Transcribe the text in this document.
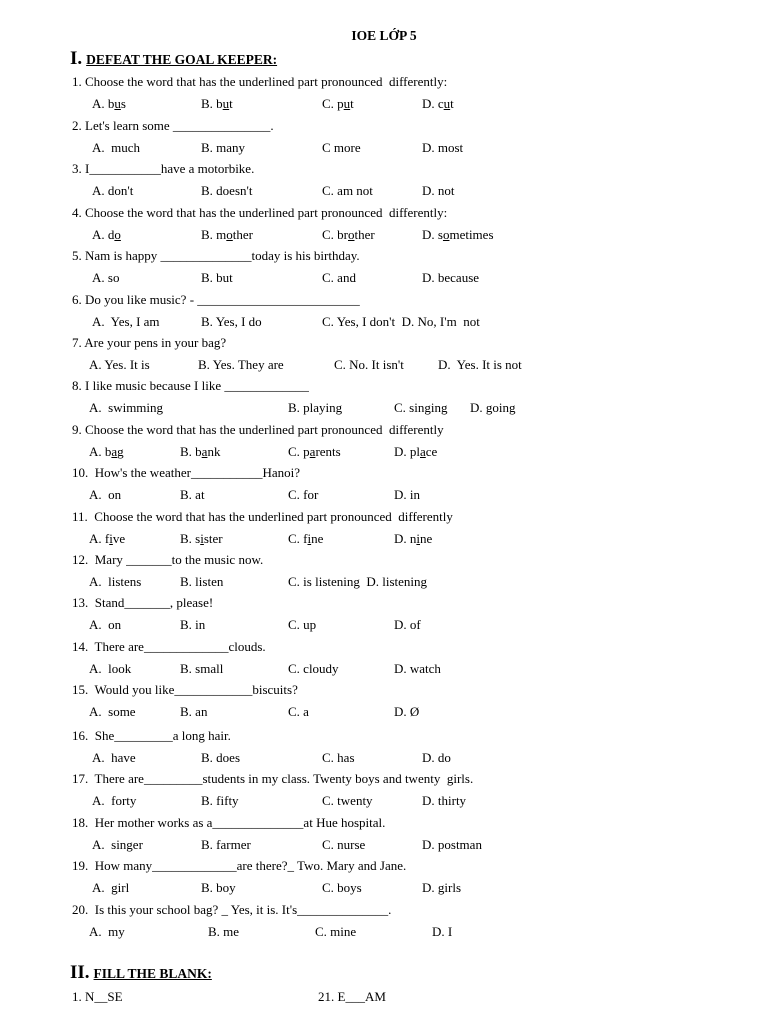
IOE LỚP 5
I. DEFEAT THE GOAL KEEPER:
1. Choose the word that has the underlined part pronounced  differently:
A. bus	B. but	C. put	D. cut
2. Let's learn some _______________.
A.  much	B. many	C more	D. most
3. I___________have a motorbike.
A. don't	B. doesn't	C. am not	D. not
4. Choose the word that has the underlined part pronounced  differently:
A. do	B. mother	C. brother	D. sometimes
5. Nam is happy ______________today is his birthday.
A. so	B. but	C. and	D. because
6. Do you like music? - _________________________
A.  Yes, I am	B. Yes, I do	C. Yes, I don't  D. No, I'm  not
7. Are your pens in your bag?
A. Yes. It is	B. Yes. They are	C. No. It isn't	D.  Yes. It is not
8. I like music because I like _____________
A.  swimming	B. playing	C. singing D. going
9. Choose the word that has the underlined part pronounced  differently
A. bag	B. bank	C. parents	D. place
10.  How's the weather___________Hanoi?
A.  on	B. at	C. for	D. in
11.  Choose the word that has the underlined part pronounced  differently
A. five	B. sister	C. fine	D. nine
12.  Mary _______to the music now.
A.  listens	B. listen	C. is listening  D. listening
13.  Stand_______, please!
A.  on	B. in	C. up	D. of
14.  There are_____________clouds.
A.  look	B. small	C. cloudy	D. watch
15.  Would you like____________biscuits?
A.  some	B. an	C. a	D. Ø
16.  She_________a long hair.
A.  have	B. does	C. has	D. do
17.  There are_________students in my class. Twenty boys and twenty  girls.
A.  forty	B. fifty	C. twenty	D. thirty
18.  Her mother works as a______________at Hue hospital.
A.  singer	B. farmer	C. nurse	D. postman
19.  How many_____________are there?_ Two. Mary and Jane.
A.  girl	B. boy	C. boys	D. girls
20.  Is this your school bag? _ Yes, it is. It's______________.
A.  my	B. me	C. mine	D. I
II. FILL THE BLANK:
1. N__SE	21. E___AM
